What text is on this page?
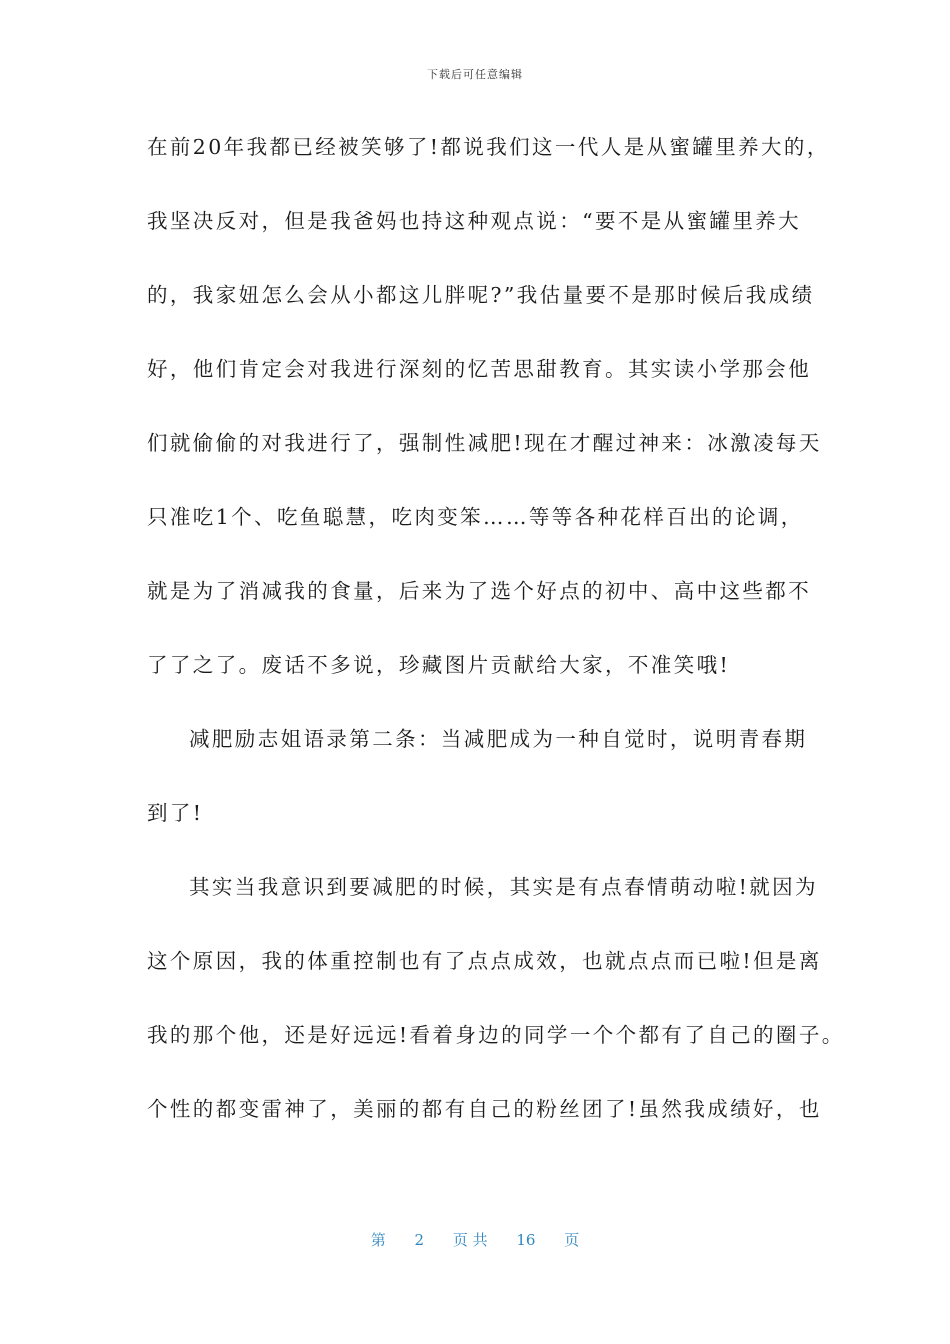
下载后可任意编辑
在前20年我都已经被笑够了!都说我们这一代人是从蜜罐里养大的，
我坚决反对，但是我爸妈也持这种观点说：“要不是从蜜罐里养大
的，我家妞怎么会从小都这儿胖呢?”我估量要不是那时候后我成绩
好，他们肯定会对我进行深刻的忆苦思甜教育。其实读小学那会他
们就偷偷的对我进行了，强制性减肥!现在才醒过神来：冰激凌每天
只准吃1个、吃鱼聪慧，吃肉变笨……等等各种花样百出的论调，
就是为了消减我的食量，后来为了选个好点的初中、高中这些都不
了了之了。废话不多说，珍藏图片贡献给大家，不准笑哦!
减肥励志姐语录第二条：当减肥成为一种自觉时，说明青春期
到了!
其实当我意识到要减肥的时候，其实是有点春情萌动啦!就因为
这个原因，我的体重控制也有了点点成效，也就点点而已啦!但是离
我的那个他，还是好远远!看着身边的同学一个个都有了自己的圈子。
个性的都变雷神了，美丽的都有自己的粉丝团了!虽然我成绩好，也
第 2 页 共 16 页
